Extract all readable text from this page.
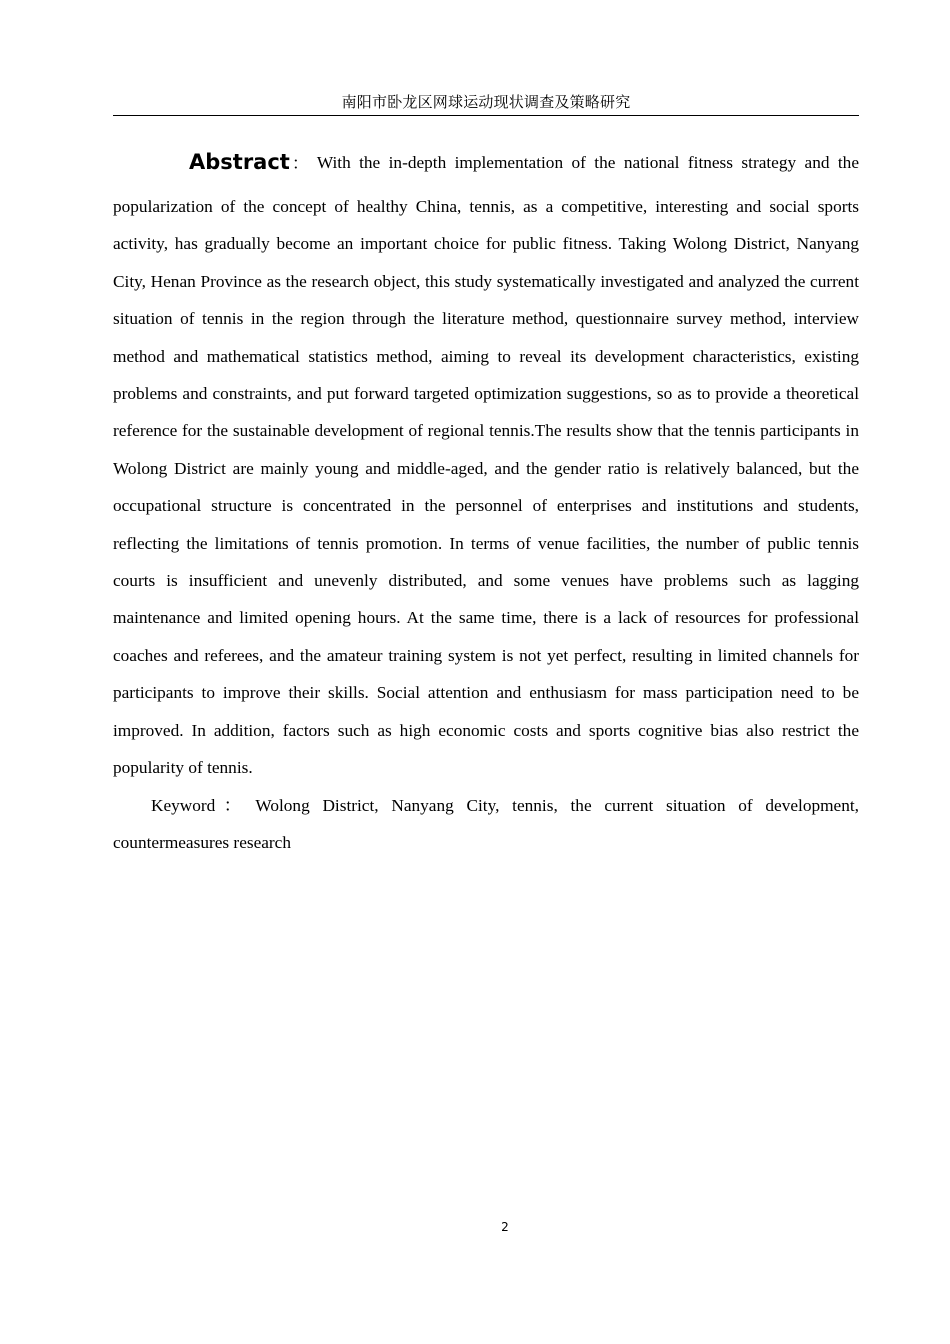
南阳市卧龙区网球运动现状调查及策略研究

Abstract ： With the in-depth implementation of the national fitness strategy and the popularization of the concept of healthy China, tennis, as a competitive, interesting and social sports activity, has gradually become an important choice for public fitness. Taking Wolong District, Nanyang City, Henan Province as the research object, this study systematically investigated and analyzed the current situation of tennis in the region through the literature method, questionnaire survey method, interview method and mathematical statistics method, aiming to reveal its development characteristics, existing problems and constraints, and put forward targeted optimization suggestions, so as to provide a theoretical reference for the sustainable development of regional tennis.The results show that the tennis participants in Wolong District are mainly young and middle-aged, and the gender ratio is relatively balanced, but the occupational structure is concentrated in the personnel of enterprises and institutions and students, reflecting the limitations of tennis promotion. In terms of venue facilities, the number of public tennis courts is insufficient and unevenly distributed, and some venues have problems such as lagging maintenance and limited opening hours. At the same time, there is a lack of resources for professional coaches and referees, and the amateur training system is not yet perfect, resulting in limited channels for participants to improve their skills. Social attention and enthusiasm for mass participation need to be improved. In addition, factors such as high economic costs and sports cognitive bias also restrict the popularity of tennis.

Keyword： Wolong District, Nanyang City, tennis, the current situation of development, countermeasures research

2
